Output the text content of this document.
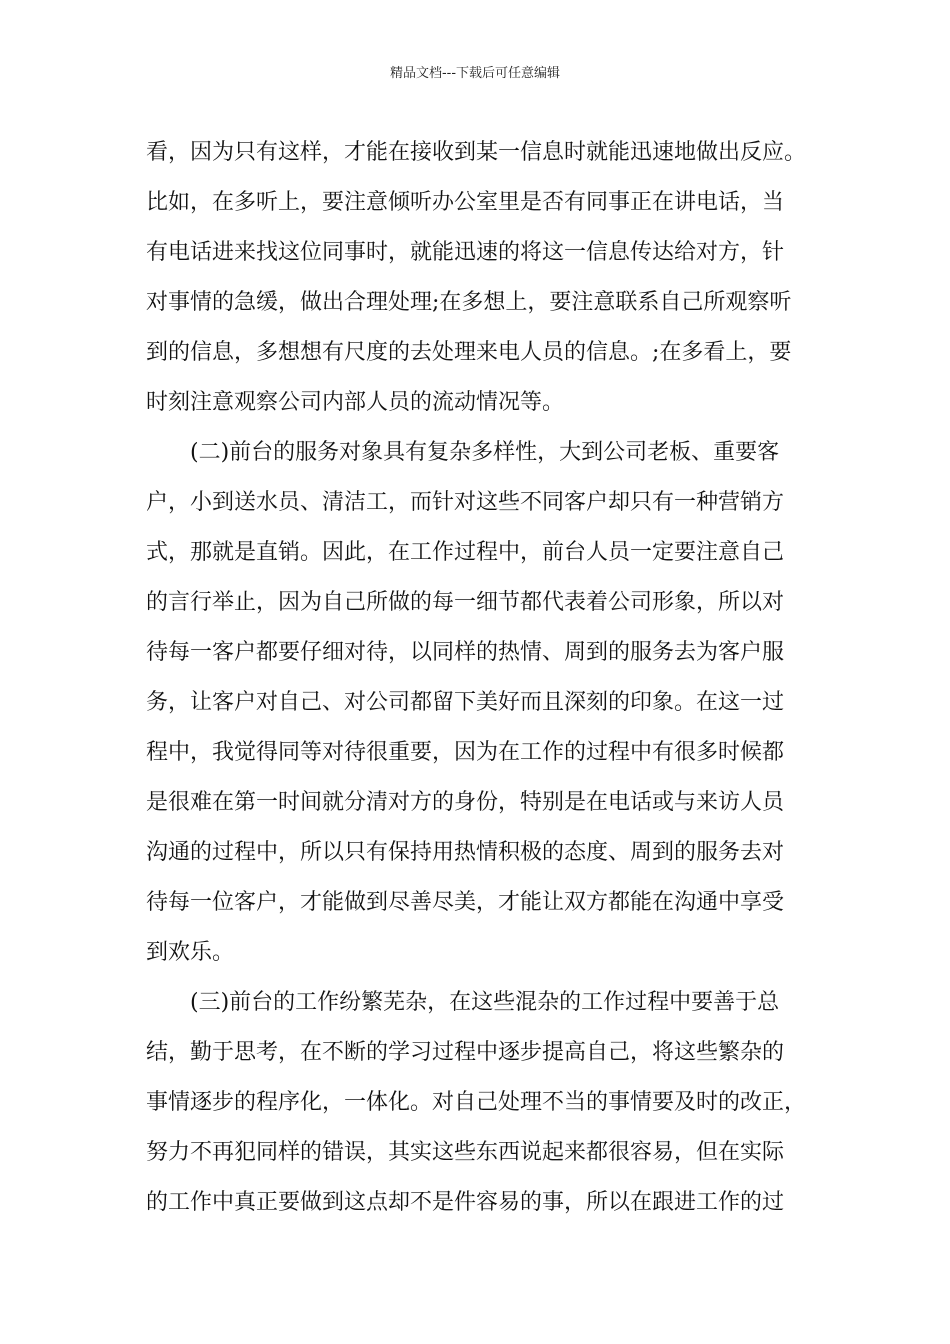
精品文档---下载后可任意编辑
看，因为只有这样，才能在接收到某一信息时就能迅速地做出反应。
比如，在多听上，要注意倾听办公室里是否有同事正在讲电话，当
有电话进来找这位同事时，就能迅速的将这一信息传达给对方，针
对事情的急缓，做出合理处理;在多想上，要注意联系自己所观察听
到的信息，多想想有尺度的去处理来电人员的信息。;在多看上，要
时刻注意观察公司内部人员的流动情况等。
(二)前台的服务对象具有复杂多样性，大到公司老板、重要客
户，小到送水员、清洁工，而针对这些不同客户却只有一种营销方
式，那就是直销。因此，在工作过程中，前台人员一定要注意自己
的言行举止，因为自己所做的每一细节都代表着公司形象，所以对
待每一客户都要仔细对待，以同样的热情、周到的服务去为客户服
务，让客户对自己、对公司都留下美好而且深刻的印象。在这一过
程中，我觉得同等对待很重要，因为在工作的过程中有很多时候都
是很难在第一时间就分清对方的身份，特别是在电话或与来访人员
沟通的过程中，所以只有保持用热情积极的态度、周到的服务去对
待每一位客户，才能做到尽善尽美，才能让双方都能在沟通中享受
到欢乐。
(三)前台的工作纷繁芜杂，在这些混杂的工作过程中要善于总
结，勤于思考，在不断的学习过程中逐步提高自己，将这些繁杂的
事情逐步的程序化，一体化。对自己处理不当的事情要及时的改正，
努力不再犯同样的错误，其实这些东西说起来都很容易，但在实际
的工作中真正要做到这点却不是件容易的事，所以在跟进工作的过
